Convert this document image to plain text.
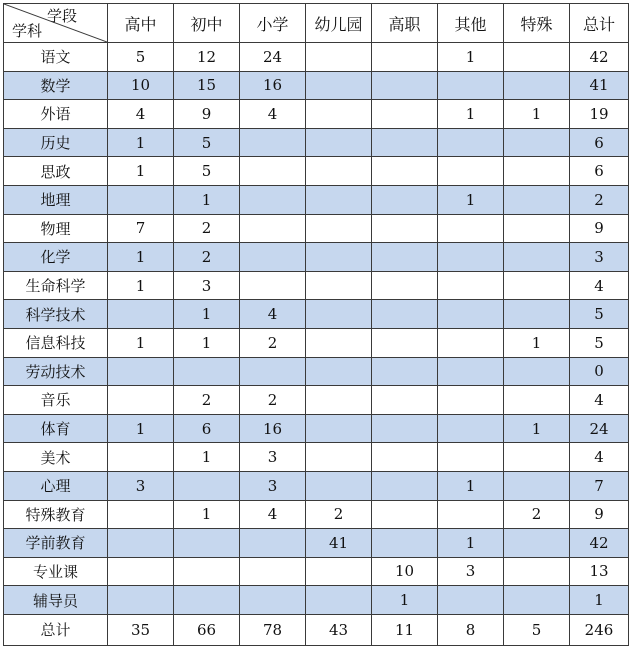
学段
学科	高中	初中	小学	幼儿园	高职	其他	特殊	总计
语文	5	12	24			1		42
数学	10	15	16					41
外语	4	9	4			1	1	19
历史	1	5						6
思政	1	5						6
地理		1				1		2
物理	7	2						9
化学	1	2						3
生命科学	1	3						4
科学技术		1	4					5
信息科技	1	1	2				1	5
劳动技术								0
音乐		2	2					4
体育	1	6	16				1	24
美术		1	3					4
心理	3		3			1		7
特殊教育		1	4	2			2	9
学前教育				41		1		42
专业课					10	3		13
辅导员					1			1
总计	35	66	78	43	11	8	5	246
